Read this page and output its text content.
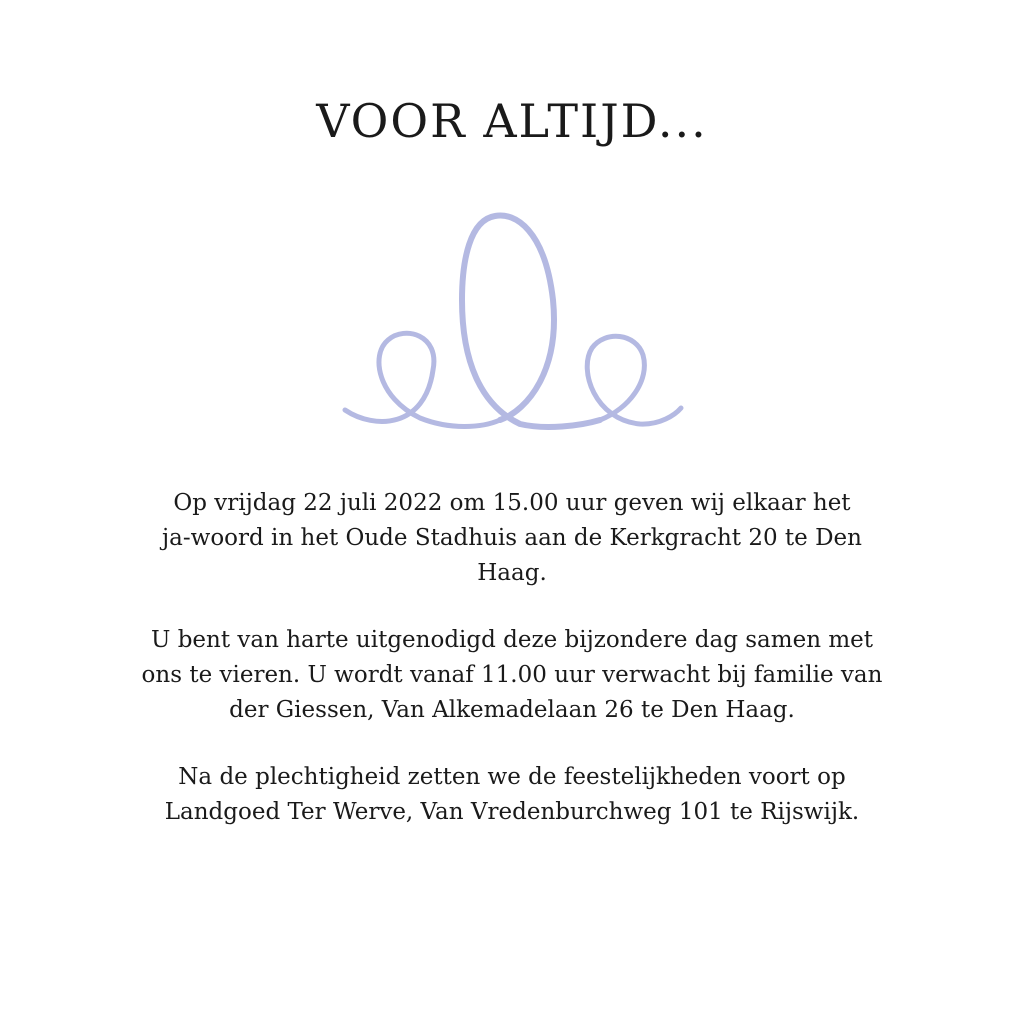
VOOR ALTIJD...

Op vrijdag 22 juli 2022 om 15.00 uur geven wij elkaar het
ja-woord in het Oude Stadhuis aan de Kerkgracht 20 te Den
Haag.

U bent van harte uitgenodigd deze bijzondere dag samen met
ons te vieren. U wordt vanaf 11.00 uur verwacht bij familie van
der Giessen, Van Alkemadelaan 26 te Den Haag.

Na de plechtigheid zetten we de feestelijkheden voort op
Landgoed Ter Werve, Van Vredenburchweg 101 te Rijswijk.
